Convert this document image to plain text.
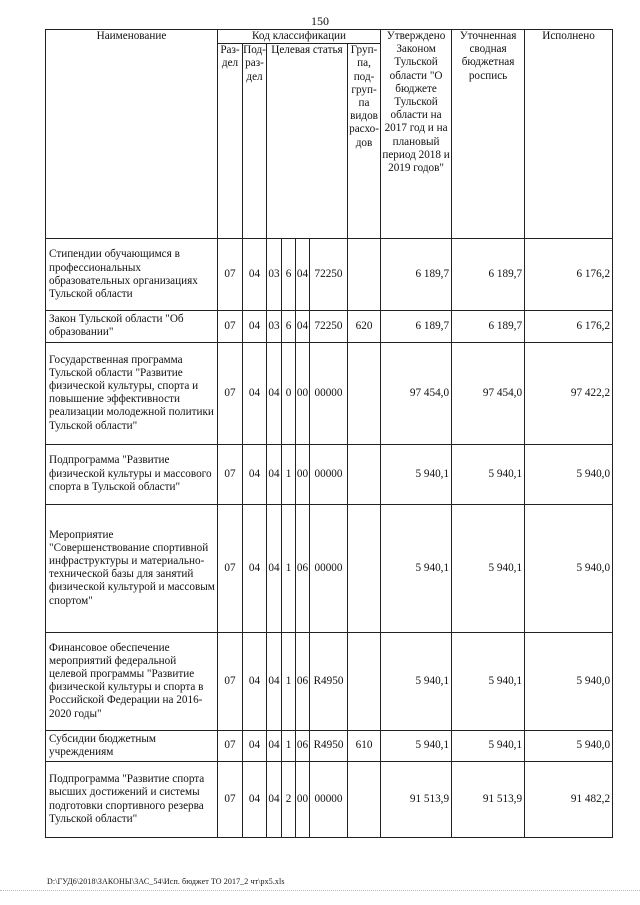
150
Наименование	Код классификации							Утверждено Законом Тульской области "О бюджете Тульской области на 2017 год и на плановый период 2018 и 2019 годов"	Уточненная сводная бюджетная роспись	Исполнено
	Раз- дел	Под- раз- дел	Целевая статья				Груп- па, под- груп- па видов расхо- дов			
Стипендии обучающимся в профессиональных образовательных организациях Тульской области	07	04	03	6	04	72250		6 189,7	6 189,7	6 176,2
Закон Тульской области "Об образовании"	07	04	03	6	04	72250	620	6 189,7	6 189,7	6 176,2
Государственная программа Тульской области "Развитие физической культуры, спорта и повышение эффективности реализации молодежной политики Тульской области"	07	04	04	0	00	00000		97 454,0	97 454,0	97 422,2
Подпрограмма "Развитие физической культуры и массового спорта в Тульской области"	07	04	04	1	00	00000		5 940,1	5 940,1	5 940,0
Мероприятие "Совершенствование спортивной инфраструктуры и материально-технической базы для занятий физической культурой и массовым спортом"	07	04	04	1	06	00000		5 940,1	5 940,1	5 940,0
Финансовое обеспечение мероприятий федеральной целевой программы "Развитие физической культуры и спорта в Российской Федерации на 2016-2020 годы"	07	04	04	1	06	R4950		5 940,1	5 940,1	5 940,0
Субсидии бюджетным учреждениям	07	04	04	1	06	R4950	610	5 940,1	5 940,1	5 940,0
Подпрограмма "Развитие спорта высших достижений и системы подготовки спортивного резерва Тульской области"	07	04	04	2	00	00000		91 513,9	91 513,9	91 482,2
D:\ГУД6\2018\ЗАКОНЫ\ЗАС_54\Исп. бюджет ТО 2017_2 чт\рх5.xls
